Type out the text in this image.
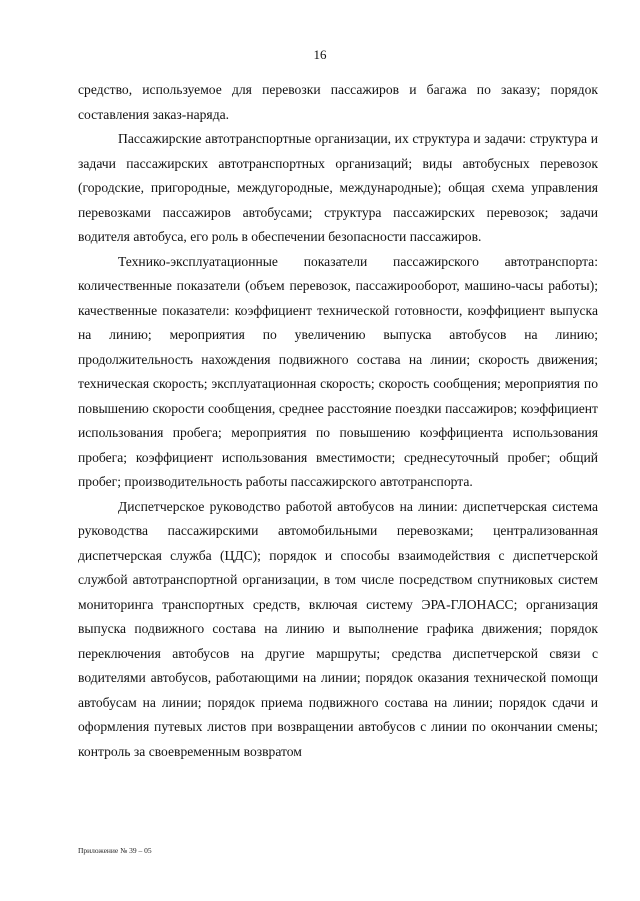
16

средство, используемое для перевозки пассажиров и багажа по заказу; порядок составления заказ-наряда.

Пассажирские автотранспортные организации, их структура и задачи: структура и задачи пассажирских автотранспортных организаций; виды автобусных перевозок (городские, пригородные, междугородные, международные); общая схема управления перевозками пассажиров автобусами; структура пассажирских перевозок; задачи водителя автобуса, его роль в обеспечении безопасности пассажиров.

Технико-эксплуатационные показатели пассажирского автотранспорта: количественные показатели (объем перевозок, пассажирооборот, машино-часы работы); качественные показатели: коэффициент технической готовности, коэффициент выпуска на линию; мероприятия по увеличению выпуска автобусов на линию; продолжительность нахождения подвижного состава на линии; скорость движения; техническая скорость; эксплуатационная скорость; скорость сообщения; мероприятия по повышению скорости сообщения, среднее расстояние поездки пассажиров; коэффициент использования пробега; мероприятия по повышению коэффициента использования пробега; коэффициент использования вместимости; среднесуточный пробег; общий пробег; производительность работы пассажирского автотранспорта.

Диспетчерское руководство работой автобусов на линии: диспетчерская система руководства пассажирскими автомобильными перевозками; централизованная диспетчерская служба (ЦДС); порядок и способы взаимодействия с диспетчерской службой автотранспортной организации, в том числе посредством спутниковых систем мониторинга транспортных средств, включая систему ЭРА-ГЛОНАСС; организация выпуска подвижного состава на линию и выполнение графика движения; порядок переключения автобусов на другие маршруты; средства диспетчерской связи с водителями автобусов, работающими на линии; порядок оказания технической помощи автобусам на линии; порядок приема подвижного состава на линии; порядок сдачи и оформления путевых листов при возвращении автобусов с линии по окончании смены; контроль за своевременным возвратом

Приложение № 39 – 05
